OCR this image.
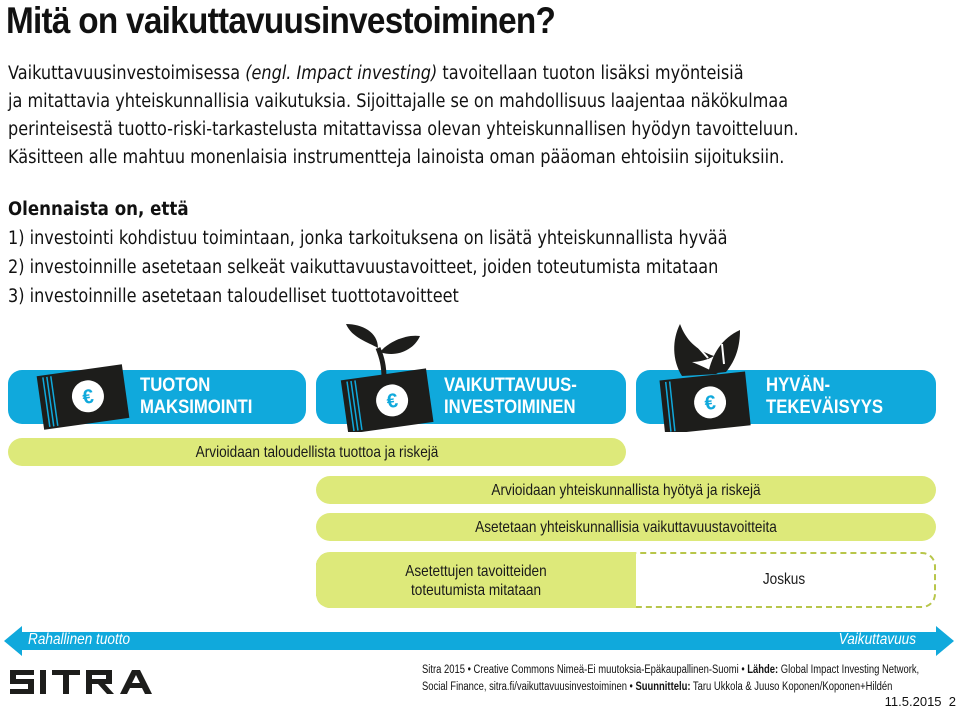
Mitä on vaikuttavuusinvestoiminen?
Vaikuttavuusinvestoimisessa (engl. Impact investing) tavoitellaan tuoton lisäksi myönteisiä
ja mitattavia yhteiskunnallisia vaikutuksia. Sijoittajalle se on mahdollisuus laajentaa näkökulmaa
perinteisestä tuotto-riski-tarkastelusta mitattavissa olevan yhteiskunnallisen hyödyn tavoitteluun.
Käsitteen alle mahtuu monenlaisia instrumentteja lainoista oman pääoman ehtoisiin sijoituksiin.
Olennaista on, että
1) investointi kohdistuu toimintaan, jonka tarkoituksena on lisätä yhteiskunnallista hyvää
2) investoinnille asetetaan selkeät vaikuttavuustavoitteet, joiden toteutumista mitataan
3) investoinnille asetetaan taloudelliset tuottotavoitteet
€
TUOTON
MAKSIMOINTI	€
VAIKUTTAVUUS-
INVESTOIMINEN	€
HYVÄN-
TEKEVÄISYYS
Arvioidaan taloudellista tuottoa ja riskejä
Arvioidaan yhteiskunnallista hyötyä ja riskejä
Asetetaan yhteiskunnallisia vaikuttavuustavoitteita
Asetettujen tavoitteiden
toteutumista mitataan
Joskus
Rahallinen tuotto	Vaikuttavuus
Sitra 2015 • Creative Commons Nimeä-Ei muutoksia-Epäkaupallinen-Suomi • Lähde: Global Impact Investing Network,
Social Finance, sitra.fi/vaikuttavuusinvestoiminen • Suunnittelu: Taru Ukkola & Juuso Koponen/Koponen+Hildén
11.5.2015 2
